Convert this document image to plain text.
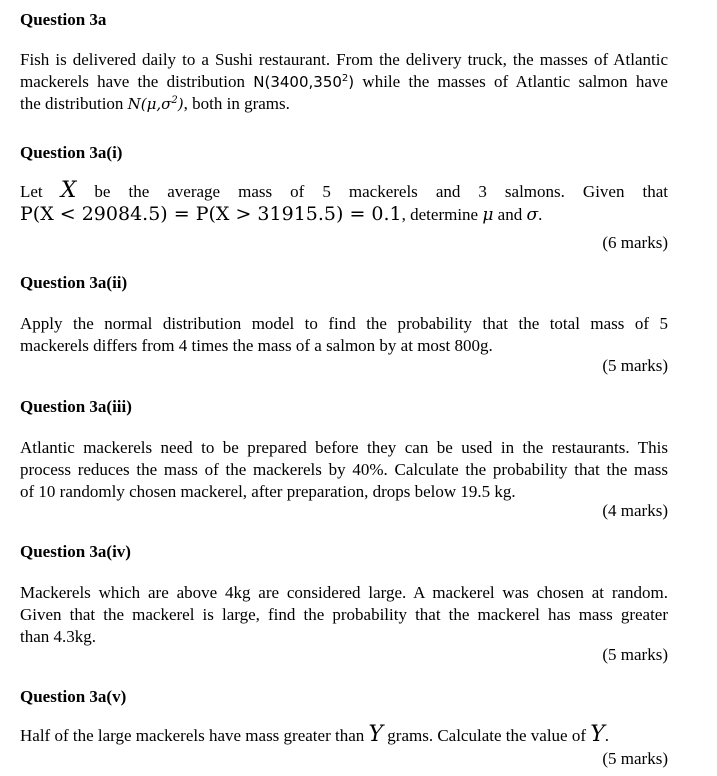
Question 3a
Fish is delivered daily to a Sushi restaurant. From the delivery truck, the masses of Atlantic
mackerels have the distribution N(3400,350$^2$) while the masses of Atlantic salmon have
the distribution $N(\mu,\sigma^2)$, both in grams.
Question 3a(i)
Let X be the average mass of 5 mackerels and 3 salmons. Given that
P(X < 29084.5) = P(X > 31915.5) = 0.1, determine μ and σ.
(6 marks)
Question 3a(ii)
Apply the normal distribution model to find the probability that the total mass of 5
mackerels differs from 4 times the mass of a salmon by at most 800g.
(5 marks)
Question 3a(iii)
Atlantic mackerels need to be prepared before they can be used in the restaurants. This
process reduces the mass of the mackerels by 40%. Calculate the probability that the mass
of 10 randomly chosen mackerel, after preparation, drops below 19.5 kg.
(4 marks)
Question 3a(iv)
Mackerels which are above 4kg are considered large. A mackerel was chosen at random.
Given that the mackerel is large, find the probability that the mackerel has mass greater
than 4.3kg.
(5 marks)
Question 3a(v)
Half of the large mackerels have mass greater than Y grams. Calculate the value of Y.
(5 marks)
